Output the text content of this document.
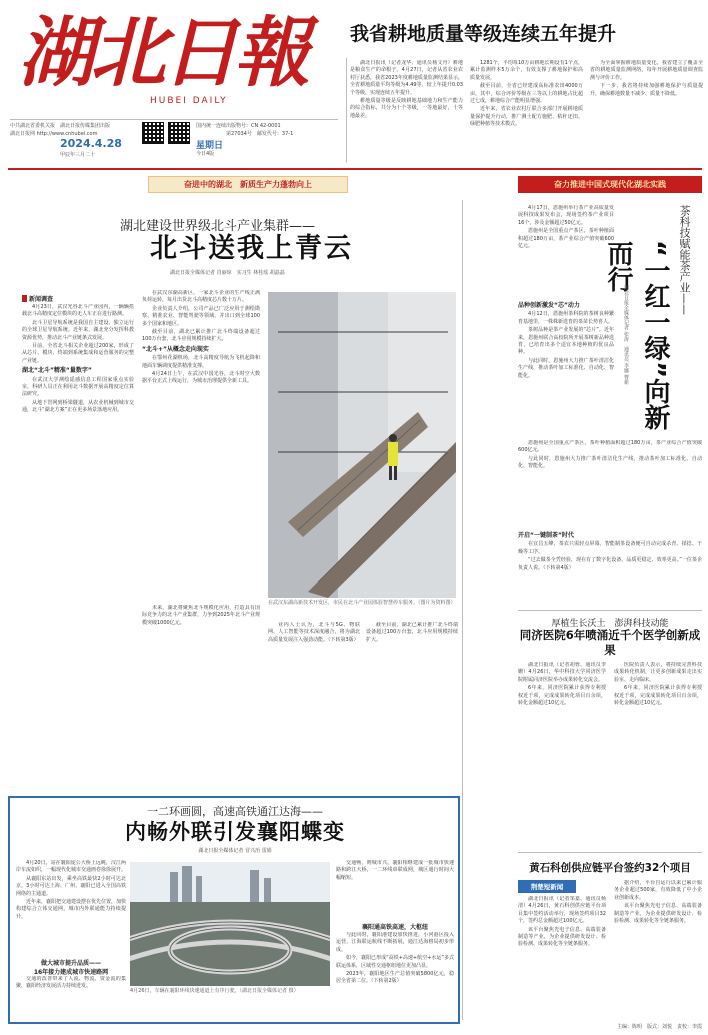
湖北日報
HUBEI DAILY
我省耕地质量等级连续五年提升
中共湖北省委机关报　湖北日报传媒集团出版
湖北日报网 http://www.cnhubei.com
2024.4.28
甲辰年三月二十
星期日
国内统一连续出版物号：CN 42-0001
第27034号　邮发代号：37-1
今日4版

湖北日报讯（记者龙华、通讯员杨文舟）耕地是粮食生产的命根子。4月27日，记者从省农业农村厅获悉，我省2023年度耕地质量监测结果显示，全省耕地质量平均等级为4.49等，较上年提升0.03个等级，实现连续五年提升。

耕地质量等级是反映耕地基础地力和生产能力的综合指标，共分为十个等级，一等地最好，十等地最差。

1281个，平均每10万亩耕地长期设有1个点，累计监测样本5万余个，有效支撑了耕地保护和高质量发展。

截至目前，全省已经建成高标准农田4000万亩，其中，综合评价等级在三等以上的耕地占比超过七成，耕地综合产能明显增强。

近年来，省农业农村厅联合多部门开展耕地质量保护提升行动，推广测土配方施肥、秸秆还田、绿肥种植等技术模式。

为全面掌握耕地质量变化，我省建立了覆盖全省的耕地质量监测网络，每年开展耕地质量调查监测与评价工作。

下一步，我省将持续加强耕地保护与质量提升，确保耕地数量不减少、质量不降低。

奋进中的湖北　新质生产力蓬勃向上	奋力推进中国式现代化湖北实践
湖北建设世界级北斗产业集群——
北斗送我上青云
湖北日报全媒体记者 肖丽琼　实习生 林桂瑶 胡皛皛
新闻调查

4月23日，武汉光谷北斗产业园内，一辆辆搭载北斗高精度定位模块的无人车正在进行路测。

北斗卫星导航系统是我国自主建设、独立运行的全球卫星导航系统。近年来，湖北充分发挥科教资源优势，推动北斗产业链条式发展。

目前，全省北斗相关企业超过200家，形成了从芯片、模块、终端到系统集成和运营服务的完整产业链。

湖北“北斗”精准“量数字”

在武汉大学测绘遥感信息工程国家重点实验室，科研人员正在利用北斗数据开展高精度定位算法研究。

从地下管网到桥梁隧道，从农业机械到城市交通，北斗“湖北方案”正在更多场景落地应用。

在武汉东湖高新区，一家北斗企业的生产线正满负荷运转，每月出货北斗高精度芯片数十万片。

企业负责人介绍，公司产品已广泛应用于测绘勘察、精准农业、智能驾驶等领域，并出口到全球100多个国家和地区。

截至目前，湖北已累计推广北斗终端设备超过100万台套，北斗应用规模持续扩大。

“北斗+”从概念走向现实

在鄂州花湖机场，北斗高精度导航为飞机起降和地面车辆调度提供精准支撑。

4月24日上午，在武汉中国光谷，北斗时空大数据平台正式上线运行，为城市治理提供全新工具。

在武汉东湖高新技术开发区，市民在北斗产业园体验智慧停车服务。（图片为资料图）

未来，湖北将聚焦北斗规模化应用，打造具有国际竞争力的北斗产业集群，力争到2025年北斗产业规模突破1000亿元。	业内人士认为，北斗与5G、物联网、人工智能等技术深度融合，将为湖北高质量发展注入强劲动能。（下转第3版）

截至目前，湖北已累计推广北斗终端设备超过100万台套，北斗应用规模持续扩大。

4月17日，恩施州举行茶产业高质量发展科技成果发布会，现场签约茶产业项目16个，涉及金额超过50亿元。

恩施州是全国重点产茶区，茶叶种植面积超过180万亩，茶产业综合产值突破600亿元。	茶科技赋能茶产业——
“一红一绿”向新而行
湖北日报全媒体记者 张涛　通讯员 李娜 曹新
品种创新激发“芯”动力

4月12日，恩施州茶科院的茶树良种繁育基地里，一株株新选育的茶苗长势喜人。

茶树品种是茶产业发展的“芯片”。近年来，恩施州联合高校院所开展茶树新品种选育，已培育出多个适宜本地种植的优良品种。

与此同时，恩施州大力推广茶叶清洁化生产线，推动茶叶加工标准化、自动化、智能化。

恩施州是全国重点产茶区，茶叶种植面积超过180万亩，茶产业综合产值突破600亿元。

与此同时，恩施州大力推广茶叶清洁化生产线，推动茶叶加工标准化、自动化、智能化。

开启“一键制茶”时代

在宜昌五峰，茶农只需轻点屏幕，智能制茶设备便可自动完成杀青、揉捻、干燥等工序。

“过去做茶全凭经验，现在有了数字化设备，品质更稳定、效率更高。”一位茶企负责人说。（下转第4版）

厚植生长沃土　澎湃科技动能
同济医院6年喷涌近千个医学创新成果

湖北日报讯（记者胡蓉、通讯员李姗）4月26日，华中科技大学同济医学院附属同济医院举办成果转化交流会。

6年来，同济医院累计获得专利授权近千项，完成成果转化项目百余项，转化金额超过10亿元。

医院负责人表示，将持续完善科技成果转化机制，让更多创新成果走出实验室、走向临床。

6年来，同济医院累计获得专利授权近千项，完成成果转化项目百余项，转化金额超过10亿元。

黄石科创供应链平台签约32个项目
荆楚短新闻

湖北日报讯（记者邹嘉、通讯员杨清）4月26日，黄石科创供应链平台项目集中签约活动举行，现场签约项目32个，签约总金额超过100亿元。

该平台聚焦光电子信息、高端装备制造等产业，为企业提供研发设计、检验检测、成果转化等全链条服务。

据介绍，平台自运行以来已累计服务企业超过500家，有效降低了中小企业创新成本。

该平台聚焦光电子信息、高端装备制造等产业，为企业提供研发设计、检验检测、成果转化等全链条服务。

一二环画圆，高速高铁通江达海——
内畅外联引发襄阳蝶变
湖北日报全媒体记者 冒兴治 雷娟

4月20日，站在襄阳庞公大桥上远眺，汉江两岸车流如织，一幅现代化城市交通画卷徐徐展开。

从襄阳东站出发，乘坐高铁最快2小时可达北京，3小时可达上海、广州，襄阳已进入全国高铁网络的主通道。

近年来，襄阳把交通建设摆在优先位置，加快构建综合立体交通网，城市内外联通能力持续提升。

4月26日，车辆在襄阳环线快速通道上有序行驶。（湖北日报全媒体记者 摄）

交通畅，则城市兴。襄阳相继建成一批城市快速路和跨江大桥，一二环线串联成网，城区通行时间大幅缩短。

襄阳通高铁高速，大枢纽

与此同时，襄阳港建设加快推进，小河港区投入运营，江海联运航线不断拓展，通江达海格局初步形成。

如今，襄阳已形成“高铁+高速+航空+水运”多式联运体系，区域性交通枢纽地位更加凸显。

2023年，襄阳地区生产总值突破5800亿元，稳居全省第二位。（下转第2版）

做大城市提升品质——
16年接力建成城市快速路网

交通的改善带来了人流、物流、资金流的集聚，襄阳经济发展活力持续迸发。

主编：陈明　版式：刘悦　责校：李霞
